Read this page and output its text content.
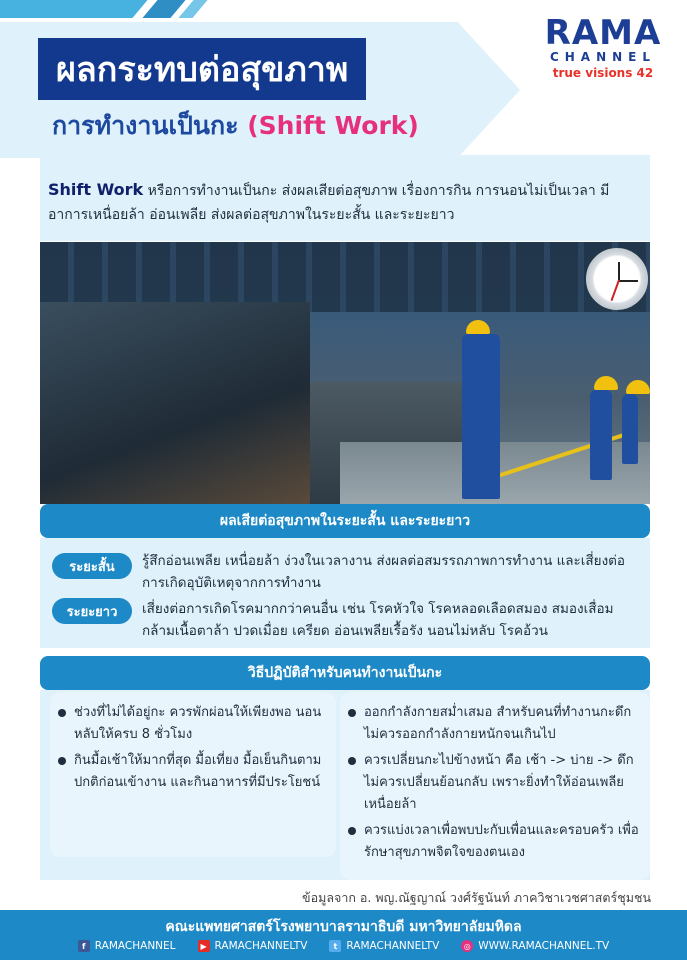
ผลกระทบต่อสุขภาพ
การทำงานเป็นกะ (Shift Work)
RAMA
CHANNEL
true visions 42

Shift Work หรือการทำงานเป็นกะ ส่งผลเสียต่อสุขภาพ เรื่องการกิน การนอนไม่เป็นเวลา มีอาการเหนื่อยล้า อ่อนเพลีย ส่งผลต่อสุขภาพในระยะสั้น และระยะยาว

ผลเสียต่อสุขภาพในระยะสั้น และระยะยาว
ระยะสั้น	รู้สึกอ่อนเพลีย เหนื่อยล้า ง่วงในเวลางาน ส่งผลต่อสมรรถภาพการทำงาน และเสี่ยงต่อการเกิดอุบัติเหตุจากการทำงาน
ระยะยาว	เสี่ยงต่อการเกิดโรคมากกว่าคนอื่น เช่น โรคหัวใจ โรคหลอดเลือดสมอง สมองเสื่อม กล้ามเนื้อตาล้า ปวดเมื่อย เครียด อ่อนเพลียเรื้อรัง นอนไม่หลับ โรคอ้วน
วิธีปฏิบัติสำหรับคนทำงานเป็นกะ
ช่วงที่ไม่ได้อยู่กะ ควรพักผ่อนให้เพียงพอ นอนหลับให้ครบ 8 ชั่วโมง
กินมื้อเช้าให้มากที่สุด มื้อเที่ยง มื้อเย็นกินตามปกติก่อนเข้างาน และกินอาหารที่มีประโยชน์
ออกกำลังกายสม่ำเสมอ สำหรับคนที่ทำงานกะดึก ไม่ควรออกกำลังกายหนักจนเกินไป
ควรเปลี่ยนกะไปข้างหน้า คือ เช้า -> บ่าย -> ดึก ไม่ควรเปลี่ยนย้อนกลับ เพราะยิ่งทำให้อ่อนเพลีย เหนื่อยล้า
ควรแบ่งเวลาเพื่อพบปะกับเพื่อนและครอบครัว เพื่อรักษาสุขภาพจิตใจของตนเอง
ข้อมูลจาก อ. พญ.ณัฐญาณ์ วงศ์รัฐนันท์ ภาควิชาเวชศาสตร์ชุมชน
คณะแพทยศาสตร์โรงพยาบาลรามาธิบดี มหาวิทยาลัยมหิดล
f RAMACHANNEL	▶ RAMACHANNELTV	t RAMACHANNELTV	◎ WWW.RAMACHANNEL.TV
